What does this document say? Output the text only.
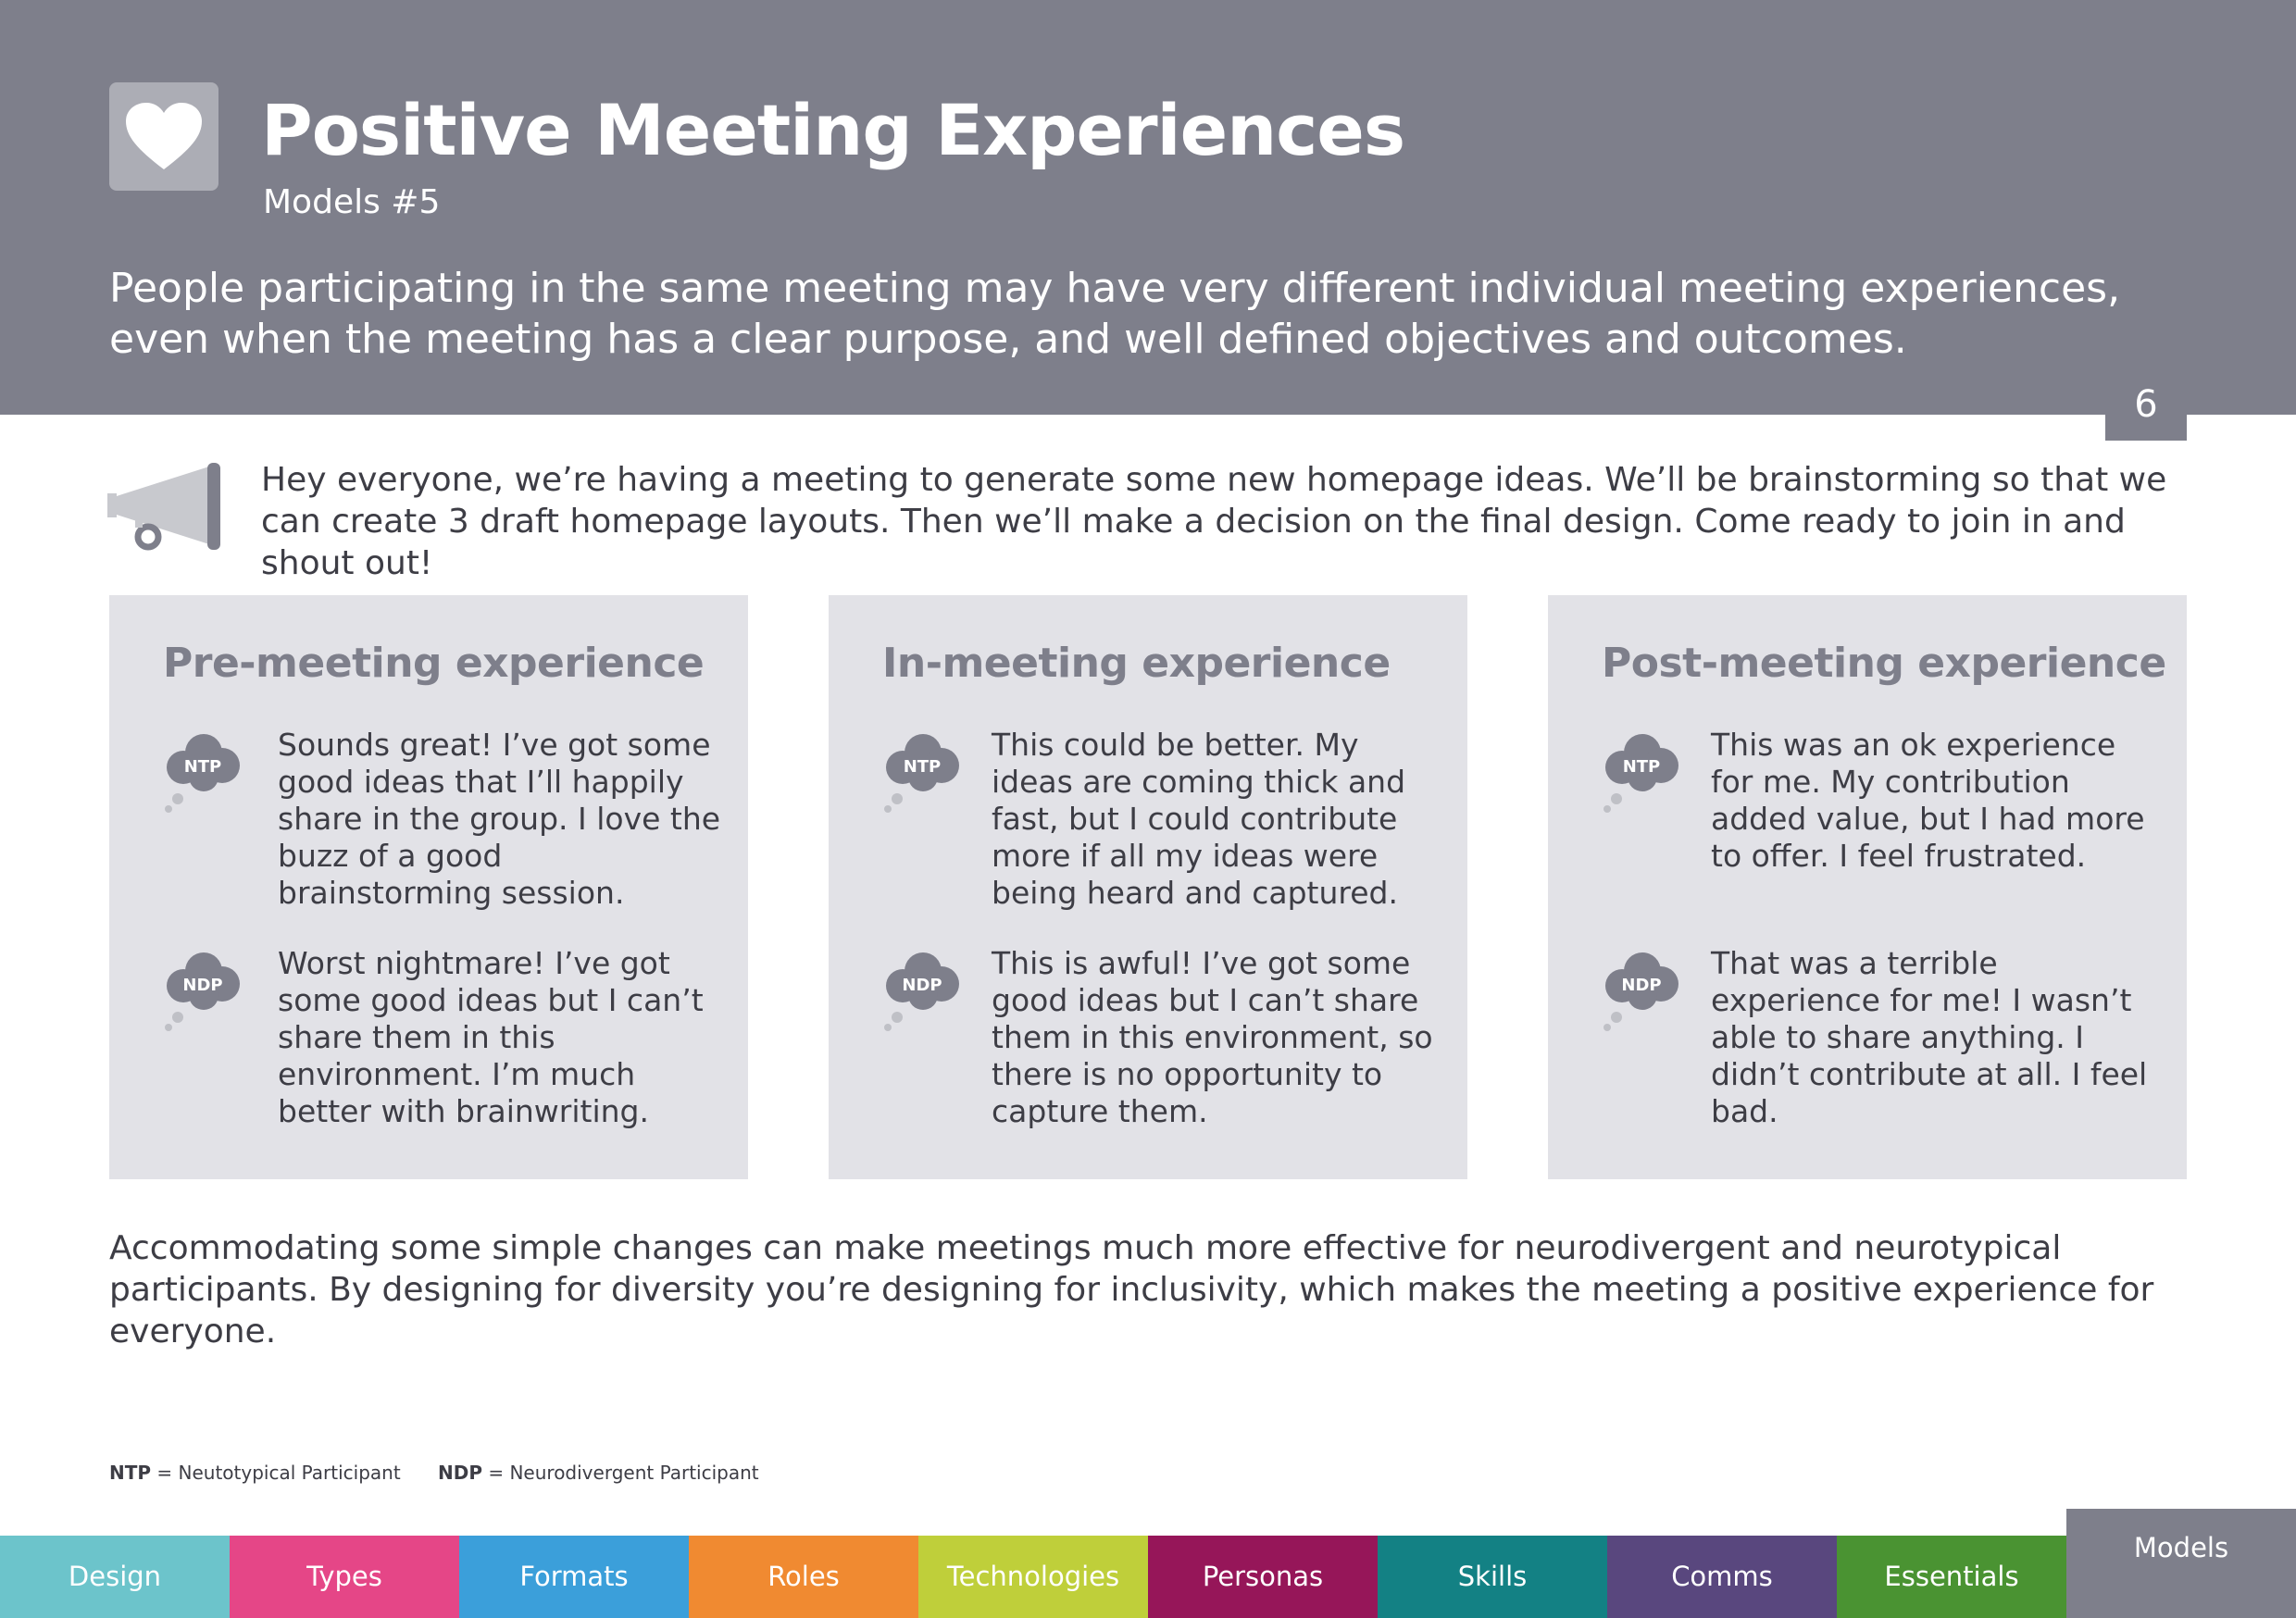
Positive Meeting Experiences
Models #5
People participating in the same meeting may have very different individual meeting experiences, even when the meeting has a clear purpose, and well defined objectives and outcomes.
6
Hey everyone, we’re having a meeting to generate some new homepage ideas. We’ll be brainstorming so that we can create 3 draft homepage layouts. Then we’ll make a decision on the final design. Come ready to join in and shout out!
Pre-meeting experience
NTP
Sounds great! I’ve got some good ideas that I’ll happily share in the group. I love the buzz of a good brainstorming session.
NDP
Worst nightmare! I’ve got some good ideas but I can’t share them in this environment. I’m much better with brainwriting.
In-meeting experience
NTP
This could be better. My ideas are coming thick and fast, but I could contribute more if all my ideas were being heard and captured.
NDP
This is awful! I’ve got some good ideas but I can’t share them in this environment, so there is no opportunity to capture them.
Post-meeting experience
NTP
This was an ok experience for me. My contribution added value, but I had more to offer. I feel frustrated.
NDP
That was a terrible experience for me! I wasn’t able to share anything. I didn’t contribute at all. I feel bad.
Accommodating some simple changes can make meetings much more effective for neurodivergent and neurotypical participants. By designing for diversity you’re designing for inclusivity, which makes the meeting a positive experience for everyone.
NTP = Neutotypical Participant NDP = Neurodivergent Participant
Design	Types	Formats	Roles	Technologies	Personas	Skills	Comms	Essentials
Models
